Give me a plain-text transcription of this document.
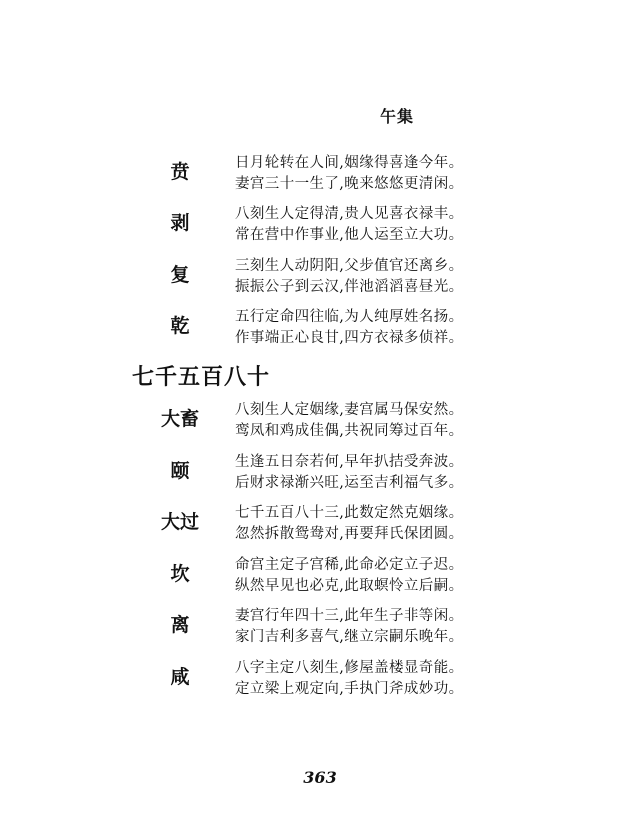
午集
贲	日月轮转在人间,姻缘得喜逢今年。
妻宫三十一生了,晚来悠悠更清闲。
剥	八刻生人定得清,贵人见喜衣禄丰。
常在营中作事业,他人运至立大功。
复	三刻生人动阴阳,父步值官还离乡。
振振公子到云汉,伴池滔滔喜昼光。
乾	五行定命四往临,为人纯厚姓名扬。
作事端正心良甘,四方衣禄多侦祥。
七千五百八十
大畜	八刻生人定姻缘,妻宫属马保安然。
鸾凤和鸡成佳偶,共祝同筹过百年。
颐	生逢五日奈若何,早年扒拮受奔波。
后财求禄渐兴旺,运至吉利福气多。
大过	七千五百八十三,此数定然克姻缘。
忽然拆散鸳鸯对,再要拜氏保团圆。
坎	命宫主定子宫稀,此命必定立子迟。
纵然早见也必克,此取螟怜立后嗣。
离	妻宫行年四十三,此年生子非等闲。
家门吉利多喜气,继立宗嗣乐晚年。
咸	八字主定八刻生,修屋盖楼显奇能。
定立梁上观定向,手执门斧成妙功。
363
